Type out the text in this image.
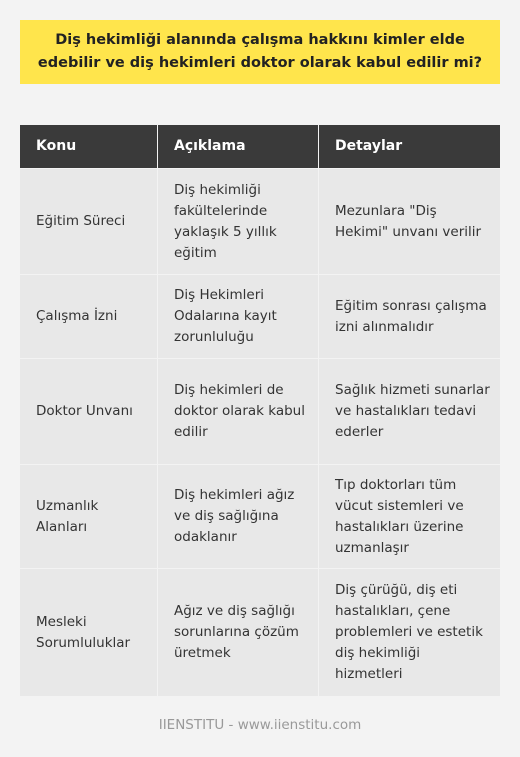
Diş hekimliği alanında çalışma hakkını kimler elde edebilir ve diş hekimleri doktor olarak kabul edilir mi?
Konu	Açıklama	Detaylar
Eğitim Süreci
Diş hekimliği fakültelerinde yaklaşık 5 yıllık eğitim
Mezunlara "Diş Hekimi" unvanı verilir
Çalışma İzni
Diş Hekimleri Odalarına kayıt zorunluluğu
Eğitim sonrası çalışma izni alınmalıdır
Doktor Unvanı
Diş hekimleri de doktor olarak kabul edilir
Sağlık hizmeti sunarlar ve hastalıkları tedavi ederler
Uzmanlık Alanları
Diş hekimleri ağız ve diş sağlığına odaklanır
Tıp doktorları tüm vücut sistemleri ve hastalıkları üzerine uzmanlaşır
Mesleki Sorumluluklar
Ağız ve diş sağlığı sorunlarına çözüm üretmek
Diş çürüğü, diş eti hastalıkları, çene problemleri ve estetik diş hekimliği hizmetleri
IIENSTITU - www.iienstitu.com
